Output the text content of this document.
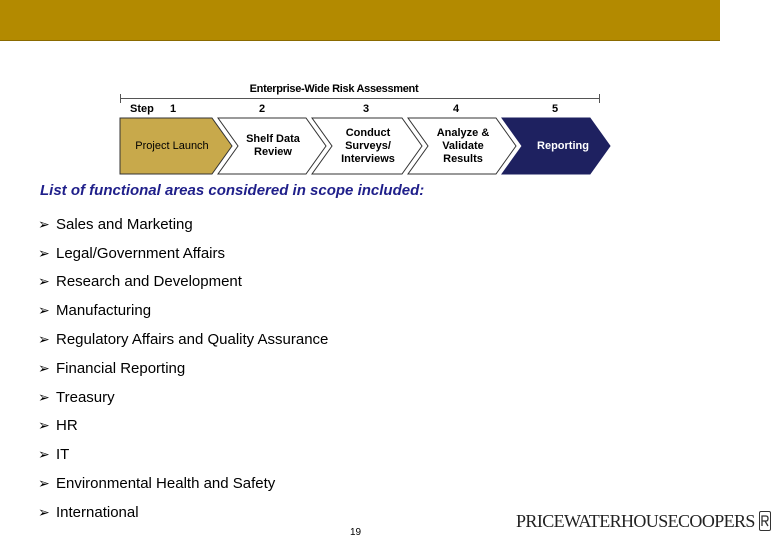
Enterprise-Wide Risk Assessment
Step	1	2	3	4	5
Project Launch
Shelf Data Review
Conduct Surveys/ Interviews
Analyze & Validate Results
Reporting
List of functional areas considered in scope included:
➢ Sales and Marketing
➢ Legal/Government Affairs
➢ Research and Development
➢ Manufacturing
➢ Regulatory Affairs and Quality Assurance
➢ Financial Reporting
➢ Treasury
➢ HR
➢ IT
➢ Environmental Health and Safety
➢ International
19
PRICEWATERHOUSECOOPERS
